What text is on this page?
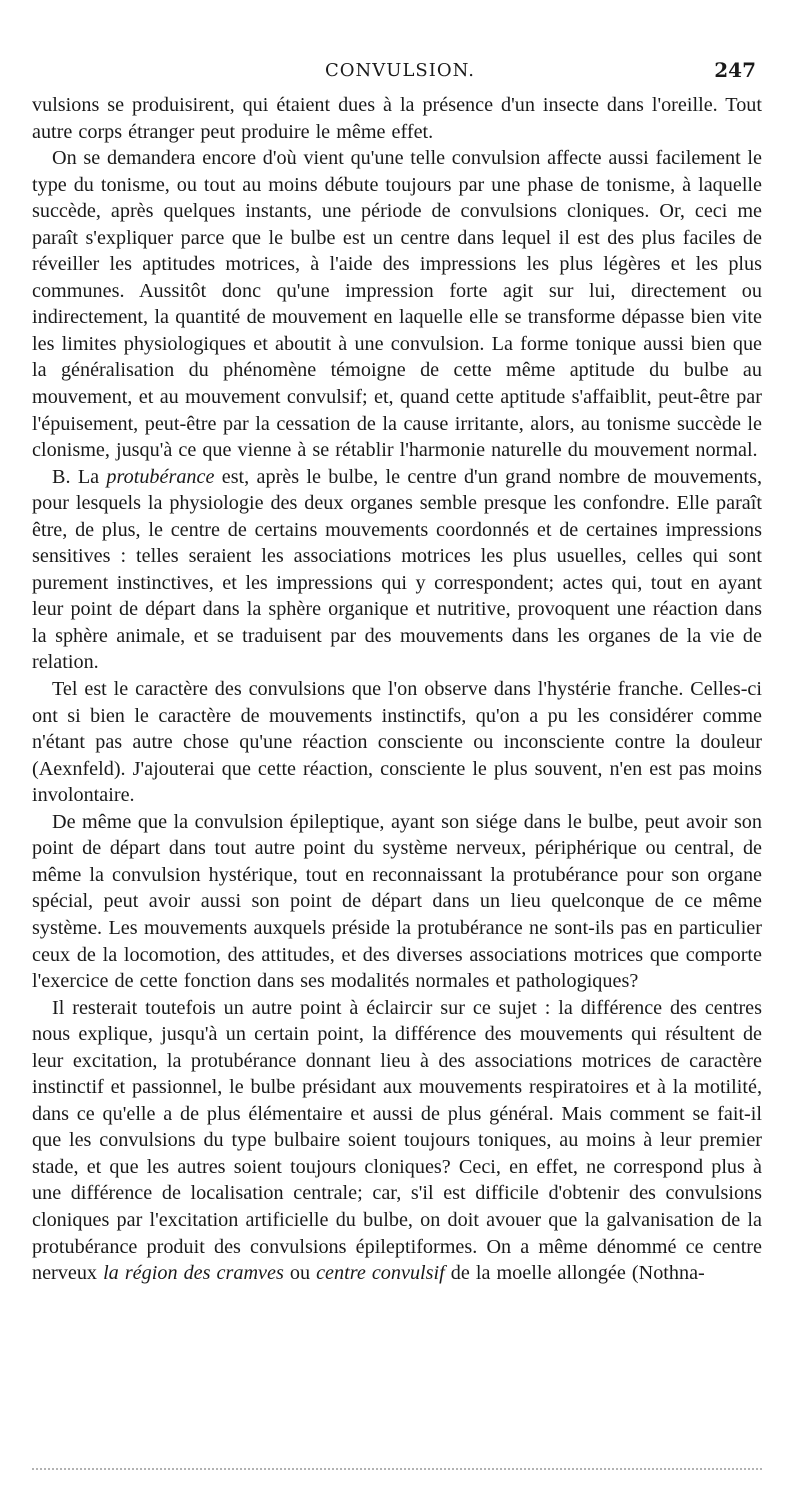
CONVULSION.	247

vulsions se produisirent, qui étaient dues à la présence d'un insecte dans l'oreille. Tout autre corps étranger peut produire le même effet.

On se demandera encore d'où vient qu'une telle convulsion affecte aussi facilement le type du tonisme, ou tout au moins débute toujours par une phase de tonisme, à laquelle succède, après quelques instants, une période de convulsions cloniques. Or, ceci me paraît s'expliquer parce que le bulbe est un centre dans lequel il est des plus faciles de réveiller les aptitudes motrices, à l'aide des impressions les plus légères et les plus communes. Aussitôt donc qu'une impression forte agit sur lui, directement ou indirectement, la quantité de mouvement en laquelle elle se transforme dépasse bien vite les limites physiologiques et aboutit à une convulsion. La forme tonique aussi bien que la généralisation du phénomène témoigne de cette même aptitude du bulbe au mouvement, et au mouvement convulsif; et, quand cette aptitude s'affaiblit, peut-être par l'épuisement, peut-être par la cessation de la cause irritante, alors, au tonisme succède le clonisme, jusqu'à ce que vienne à se rétablir l'harmonie naturelle du mouvement normal.

B. La protubérance est, après le bulbe, le centre d'un grand nombre de mouvements, pour lesquels la physiologie des deux organes semble presque les confondre. Elle paraît être, de plus, le centre de certains mouvements coordonnés et de certaines impressions sensitives : telles seraient les associations motrices les plus usuelles, celles qui sont purement instinctives, et les impressions qui y correspondent; actes qui, tout en ayant leur point de départ dans la sphère organique et nutritive, provoquent une réaction dans la sphère animale, et se traduisent par des mouvements dans les organes de la vie de relation.

Tel est le caractère des convulsions que l'on observe dans l'hystérie franche. Celles-ci ont si bien le caractère de mouvements instinctifs, qu'on a pu les considérer comme n'étant pas autre chose qu'une réaction consciente ou inconsciente contre la douleur (Aexnfeld). J'ajouterai que cette réaction, consciente le plus souvent, n'en est pas moins involontaire.

De même que la convulsion épileptique, ayant son siége dans le bulbe, peut avoir son point de départ dans tout autre point du système nerveux, périphérique ou central, de même la convulsion hystérique, tout en reconnaissant la protubérance pour son organe spécial, peut avoir aussi son point de départ dans un lieu quelconque de ce même système. Les mouvements auxquels préside la protubérance ne sont-ils pas en particulier ceux de la locomotion, des attitudes, et des diverses associations motrices que comporte l'exercice de cette fonction dans ses modalités normales et pathologiques?

Il resterait toutefois un autre point à éclaircir sur ce sujet : la différence des centres nous explique, jusqu'à un certain point, la différence des mouvements qui résultent de leur excitation, la protubérance donnant lieu à des associations motrices de caractère instinctif et passionnel, le bulbe présidant aux mouvements respiratoires et à la motilité, dans ce qu'elle a de plus élémentaire et aussi de plus général. Mais comment se fait-il que les convulsions du type bulbaire soient toujours toniques, au moins à leur premier stade, et que les autres soient toujours cloniques? Ceci, en effet, ne correspond plus à une différence de localisation centrale; car, s'il est difficile d'obtenir des convulsions cloniques par l'excitation artificielle du bulbe, on doit avouer que la galvanisation de la protubérance produit des convulsions épileptiformes. On a même dénommé ce centre nerveux la région des cramves ou centre convulsif de la moelle allongée (Nothna-
